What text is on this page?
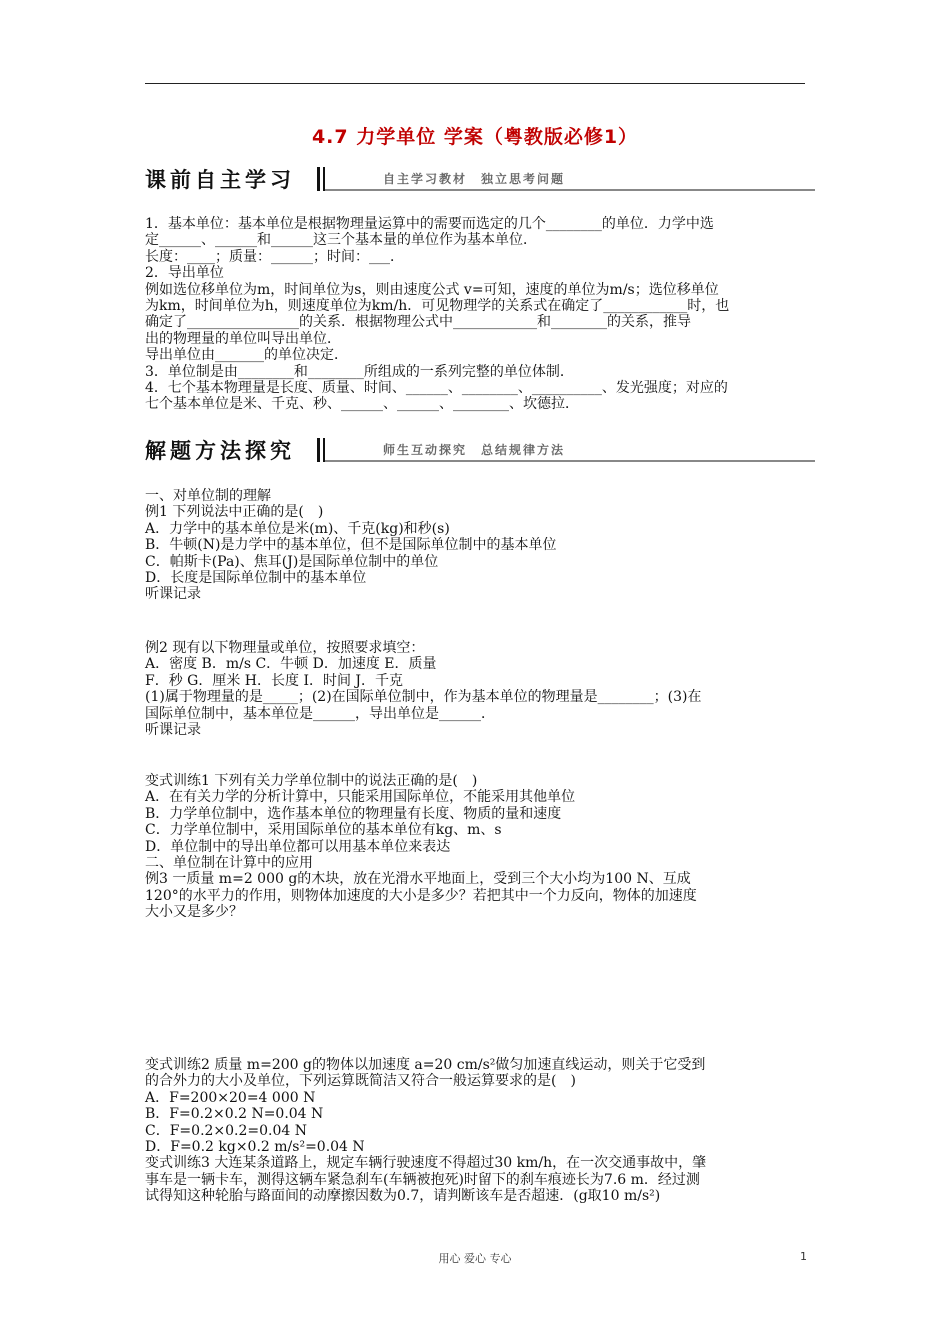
4.7 力学单位 学案（粤教版必修1）
课前自主学习	自主学习教材　独立思考问题

1．基本单位：基本单位是根据物理量运算中的需要而选定的几个________的单位．力学中选

定______、______和______这三个基本量的单位作为基本单位．

长度：____；质量：______；时间：___．

2．导出单位

例如选位移单位为m，时间单位为s，则由速度公式 v=可知，速度的单位为m/s；选位移单位

为km，时间单位为h，则速度单位为km/h．可见物理学的关系式在确定了____________时，也

确定了________________的关系．根据物理公式中____________和________的关系，推导

出的物理量的单位叫导出单位．

导出单位由_______的单位决定．

3．单位制是由________和________所组成的一系列完整的单位体制．

4．七个基本物理量是长度、质量、时间、______、________、__________、发光强度；对应的

七个基本单位是米、千克、秒、______、______、________、坎德拉．

解题方法探究	师生互动探究　总结规律方法

一、对单位制的理解

例1 下列说法中正确的是(　)

A．力学中的基本单位是米(m)、千克(kg)和秒(s)

B．牛顿(N)是力学中的基本单位，但不是国际单位制中的基本单位

C．帕斯卡(Pa)、焦耳(J)是国际单位制中的单位

D．长度是国际单位制中的基本单位

听课记录

例2 现有以下物理量或单位，按照要求填空：

A．密度 B．m/s C．牛顿 D．加速度 E．质量

F．秒 G．厘米 H．长度 I．时间 J．千克

(1)属于物理量的是_____；(2)在国际单位制中，作为基本单位的物理量是________；(3)在

国际单位制中，基本单位是______，导出单位是______．

听课记录

变式训练1 下列有关力学单位制中的说法正确的是(　)

A．在有关力学的分析计算中，只能采用国际单位，不能采用其他单位

B．力学单位制中，选作基本单位的物理量有长度、物质的量和速度

C．力学单位制中，采用国际单位的基本单位有kg、m、s

D．单位制中的导出单位都可以用基本单位来表达

二、单位制在计算中的应用

例3 一质量 m=2 000 g的木块，放在光滑水平地面上，受到三个大小均为100 N、互成

120°的水平力的作用，则物体加速度的大小是多少？若把其中一个力反向，物体的加速度

大小又是多少？

变式训练2 质量 m=200 g的物体以加速度 a=20 cm/s²做匀加速直线运动，则关于它受到

的合外力的大小及单位，下列运算既简洁又符合一般运算要求的是(　)

A．F=200×20=4 000 N

B．F=0.2×0.2 N=0.04 N

C．F=0.2×0.2=0.04 N

D．F=0.2 kg×0.2 m/s²=0.04 N

变式训练3 大连某条道路上，规定车辆行驶速度不得超过30 km/h，在一次交通事故中，肇

事车是一辆卡车，测得这辆车紧急刹车(车辆被抱死)时留下的刹车痕迹长为7.6 m．经过测

试得知这种轮胎与路面间的动摩擦因数为0.7，请判断该车是否超速．(g取10 m/s²)

用心 爱心 专心	1
